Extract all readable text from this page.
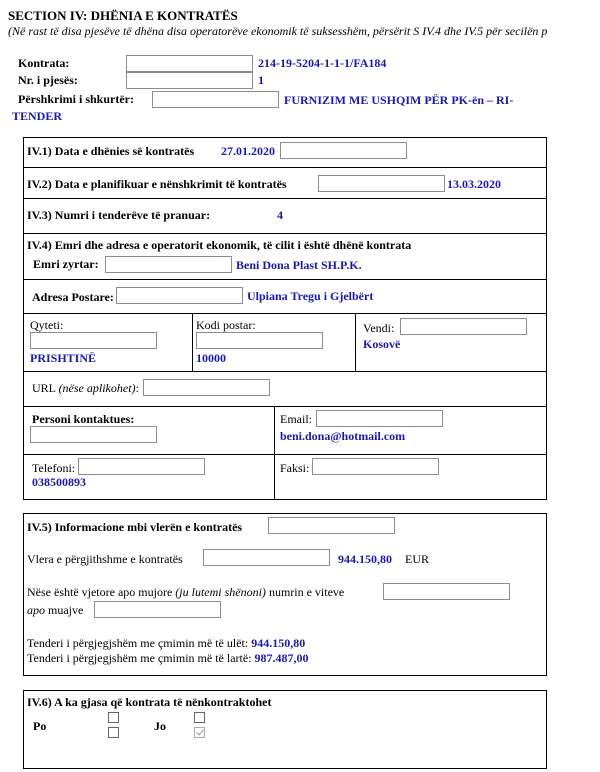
SECTION IV: DHËNIA E KONTRATËS
(Në rast të disa pjesëve të dhëna disa operatorëve ekonomik të suksesshëm, përsërit S IV.4 dhe IV.5 për secilën p
Kontrata:	214-19-5204-1-1-1/FA184
Nr. i pjesës:	1
Përshkrimi i shkurtër:	FURNIZIM ME USHQIM PËR PK-ën – RI-
TENDER
IV.1) Data e dhënies së kontratës 27.01.2020
IV.2) Data e planifikuar e nënshkrimit të kontratës	13.03.2020
IV.3) Numri i tenderëve të pranuar:	4
IV.4) Emri dhe adresa e operatorit ekonomik, të cilit i është dhënë kontrata
Emri zyrtar:	Beni Dona Plast SH.P.K.
Adresa Postare:	Ulpiana Tregu i Gjelbërt
Qyteti:
PRISHTINË
Kodi postar:
10000
Vendi:
Kosovë
URL (nëse aplikohet):
Personi kontaktues:	Email:
beni.dona@hotmail.com
Telefoni:
038500893
Faksi:
IV.5) Informacione mbi vlerën e kontratës
Vlera e përgjithshme e kontratës	944.150,80 EUR
Nëse është vjetore apo mujore (ju lutemi shënoni) numrin e viteve
apo muajve
Tenderi i përgjegjshëm me çmimin më të ulët: 944.150,80
Tenderi i përgjegjshëm me çmimin më të lartë: 987.487,00
IV.6) A ka gjasa që kontrata të nënkontraktohet
Po	Jo
